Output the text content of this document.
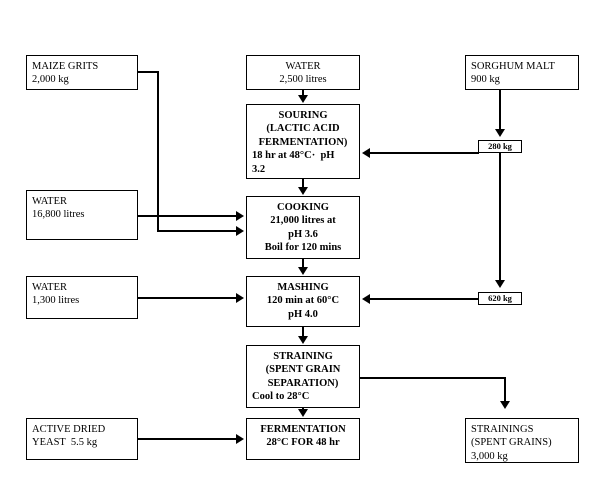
MAIZE GRITS
2,000 kg
WATER
2,500 litres
SORGHUM MALT
900 kg
SOURING
(LACTIC ACID
FERMENTATION)
18 hr at 48°C·  pH
3.2
WATER
16,800 litres
COOKING
21,000 litres at
pH 3.6
Boil for 120 mins
WATER
1,300 litres
MASHING
120 min at 60°C
pH 4.0
STRAINING
(SPENT GRAIN
SEPARATION)
Cool to 28°C
ACTIVE DRIED
YEAST  5.5 kg
FERMENTATION
28°C FOR 48 hr
STRAININGS
(SPENT GRAINS)
3,000 kg
280 kg
620 kg
